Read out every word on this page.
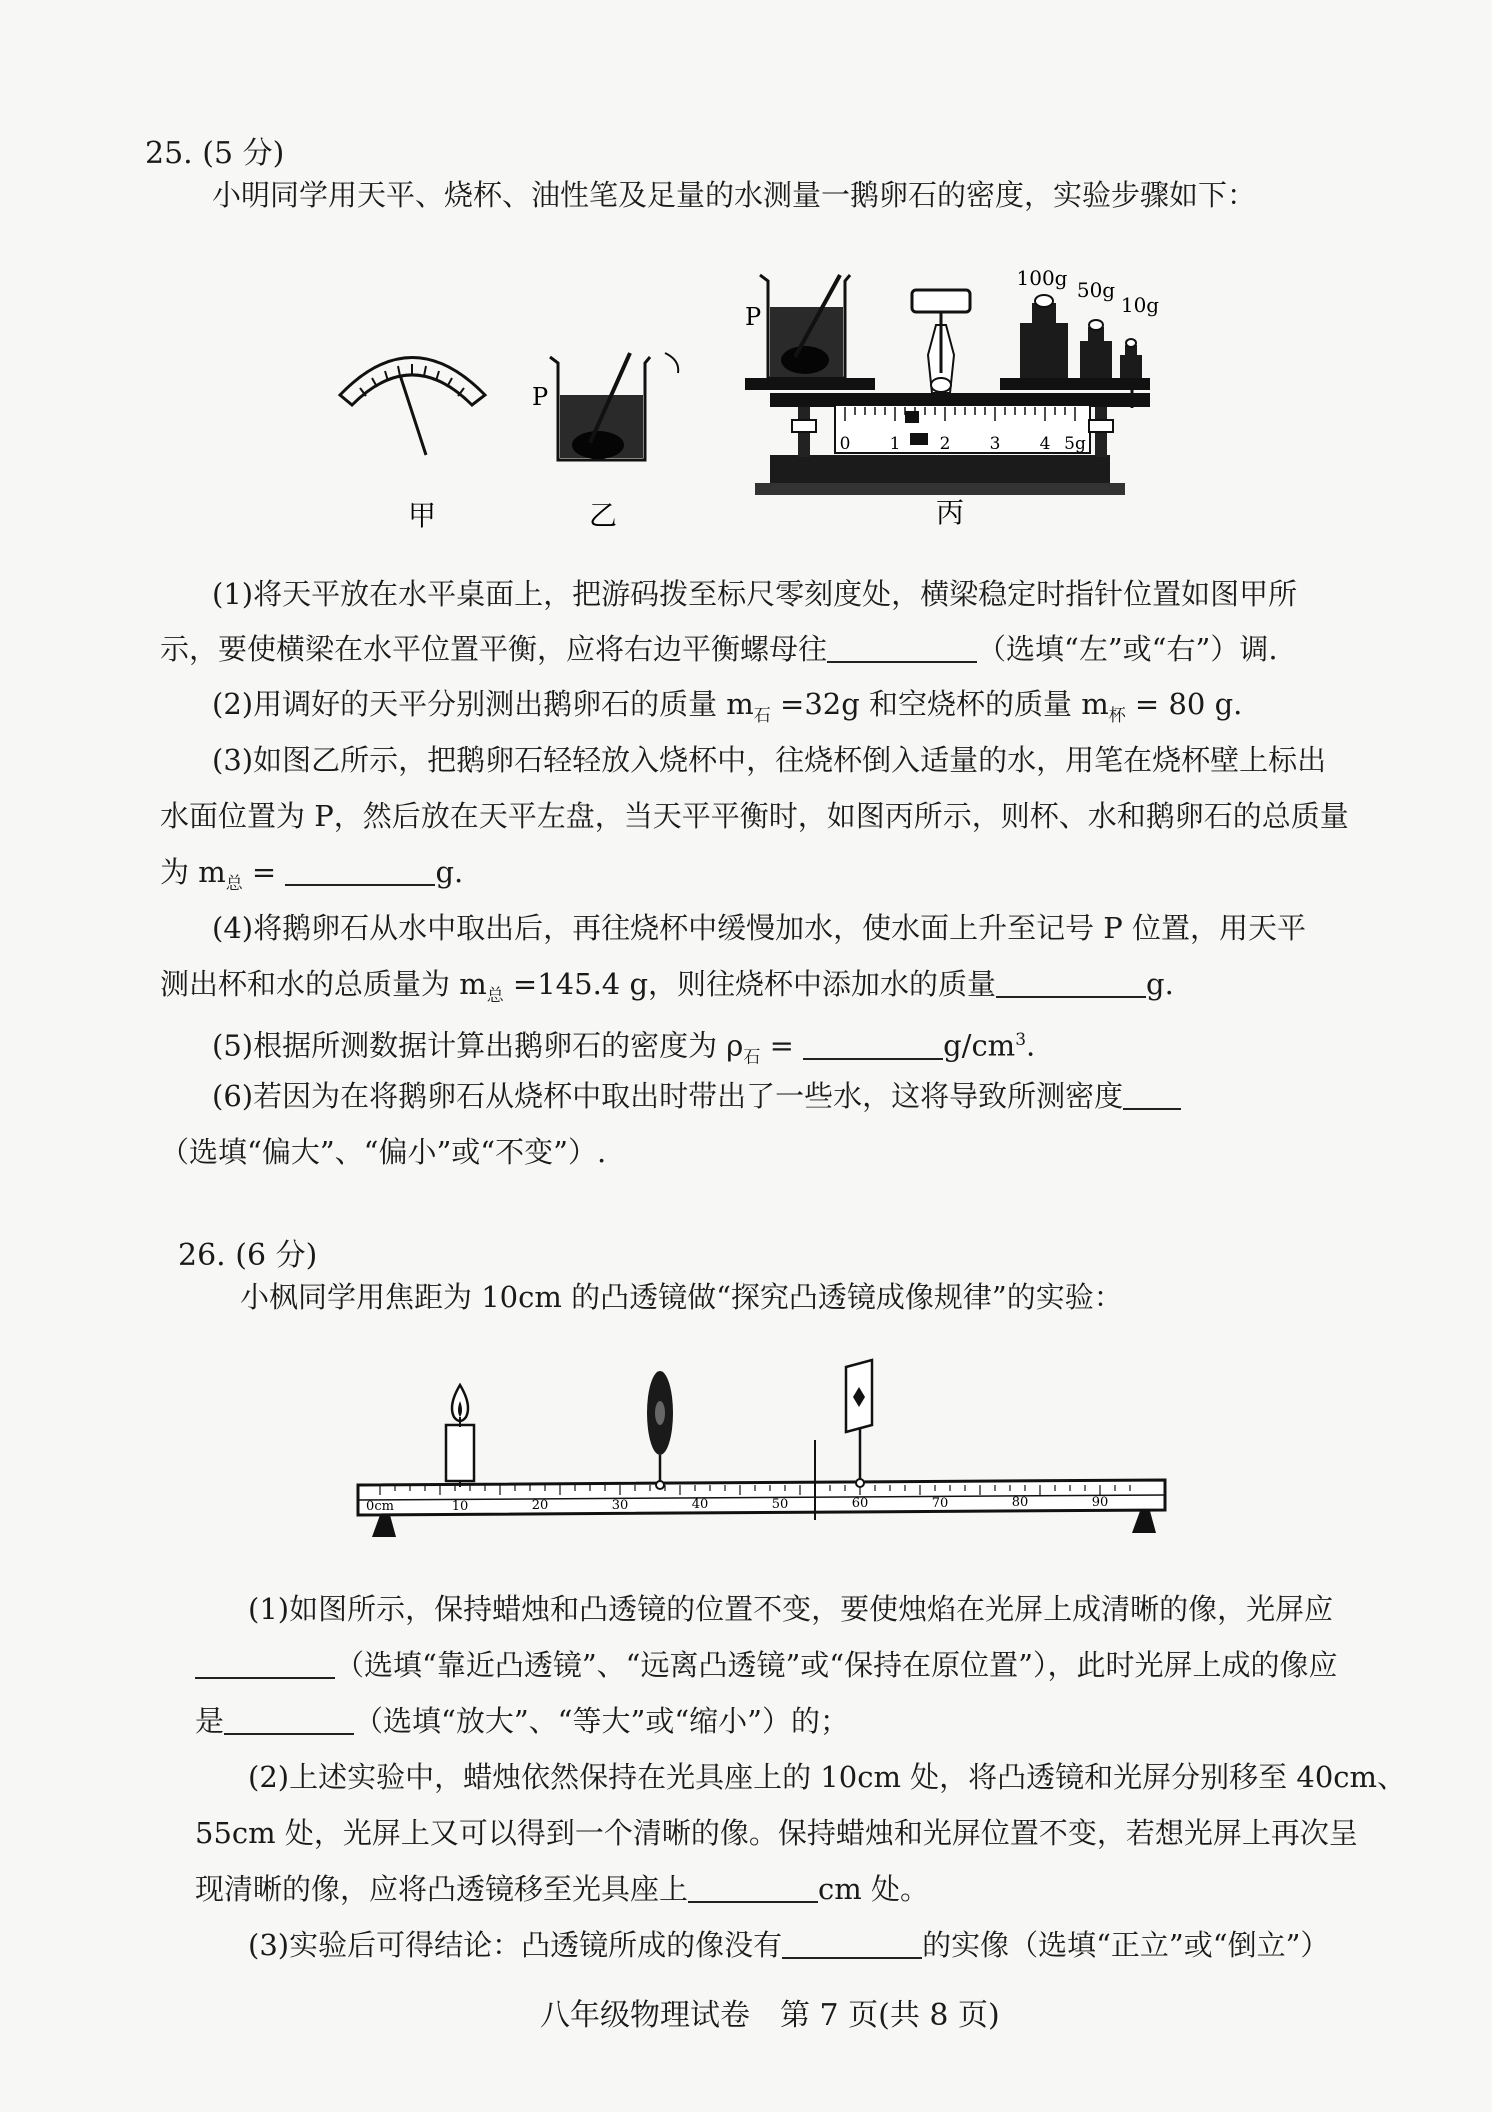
25. (5 分)
小明同学用天平、烧杯、油性笔及足量的水测量一鹅卵石的密度，实验步骤如下：
甲
P
乙
P
100g 50g
10g
0 1 2 3 4 5g
丙
(1)将天平放在水平桌面上，把游码拨至标尺零刻度处，横梁稳定时指针位置如图甲所
示，要使横梁在水平位置平衡，应将右边平衡螺母往	（选填“左”或“右”）调.
(2)用调好的天平分别测出鹅卵石的质量 $m_石 =32g$ 和空烧杯的质量 $m_杯 = 80$ g.
(3)如图乙所示，把鹅卵石轻轻放入烧杯中，往烧杯倒入适量的水，用笔在烧杯壁上标出
水面位置为 P，然后放在天平左盘，当天平平衡时，如图丙所示，则杯、水和鹅卵石的总质量
为 $m_总$ =	g.
(4)将鹅卵石从水中取出后，再往烧杯中缓慢加水，使水面上升至记号 P 位置，用天平
测出杯和水的总质量为 $m_总 =145.4$ g，则往烧杯中添加水的质量	g.
(5)根据所测数据计算出鹅卵石的密度为 $\rho_石$ =	$g/cm^3$.
(6)若因为在将鹅卵石从烧杯中取出时带出了一些水，这将导致所测密度
（选填“偏大”、“偏小”或“不变”）.
26. (6 分)
小枫同学用焦距为 10cm 的凸透镜做“探究凸透镜成像规律”的实验：
0cm	10	20	30	40	50	60	70	80	90
(1)如图所示，保持蜡烛和凸透镜的位置不变，要使烛焰在光屏上成清晰的像，光屏应
（选填“靠近凸透镜”、“远离凸透镜”或“保持在原位置”），此时光屏上成的像应
是	（选填“放大”、“等大”或“缩小”）的；
(2)上述实验中，蜡烛依然保持在光具座上的 10cm 处，将凸透镜和光屏分别移至 40cm、
55cm 处，光屏上又可以得到一个清晰的像。保持蜡烛和光屏位置不变，若想光屏上再次呈
现清晰的像，应将凸透镜移至光具座上	cm 处。
(3)实验后可得结论：凸透镜所成的像没有	的实像（选填“正立”或“倒立”）
八年级物理试卷　第 7 页(共 8 页)
